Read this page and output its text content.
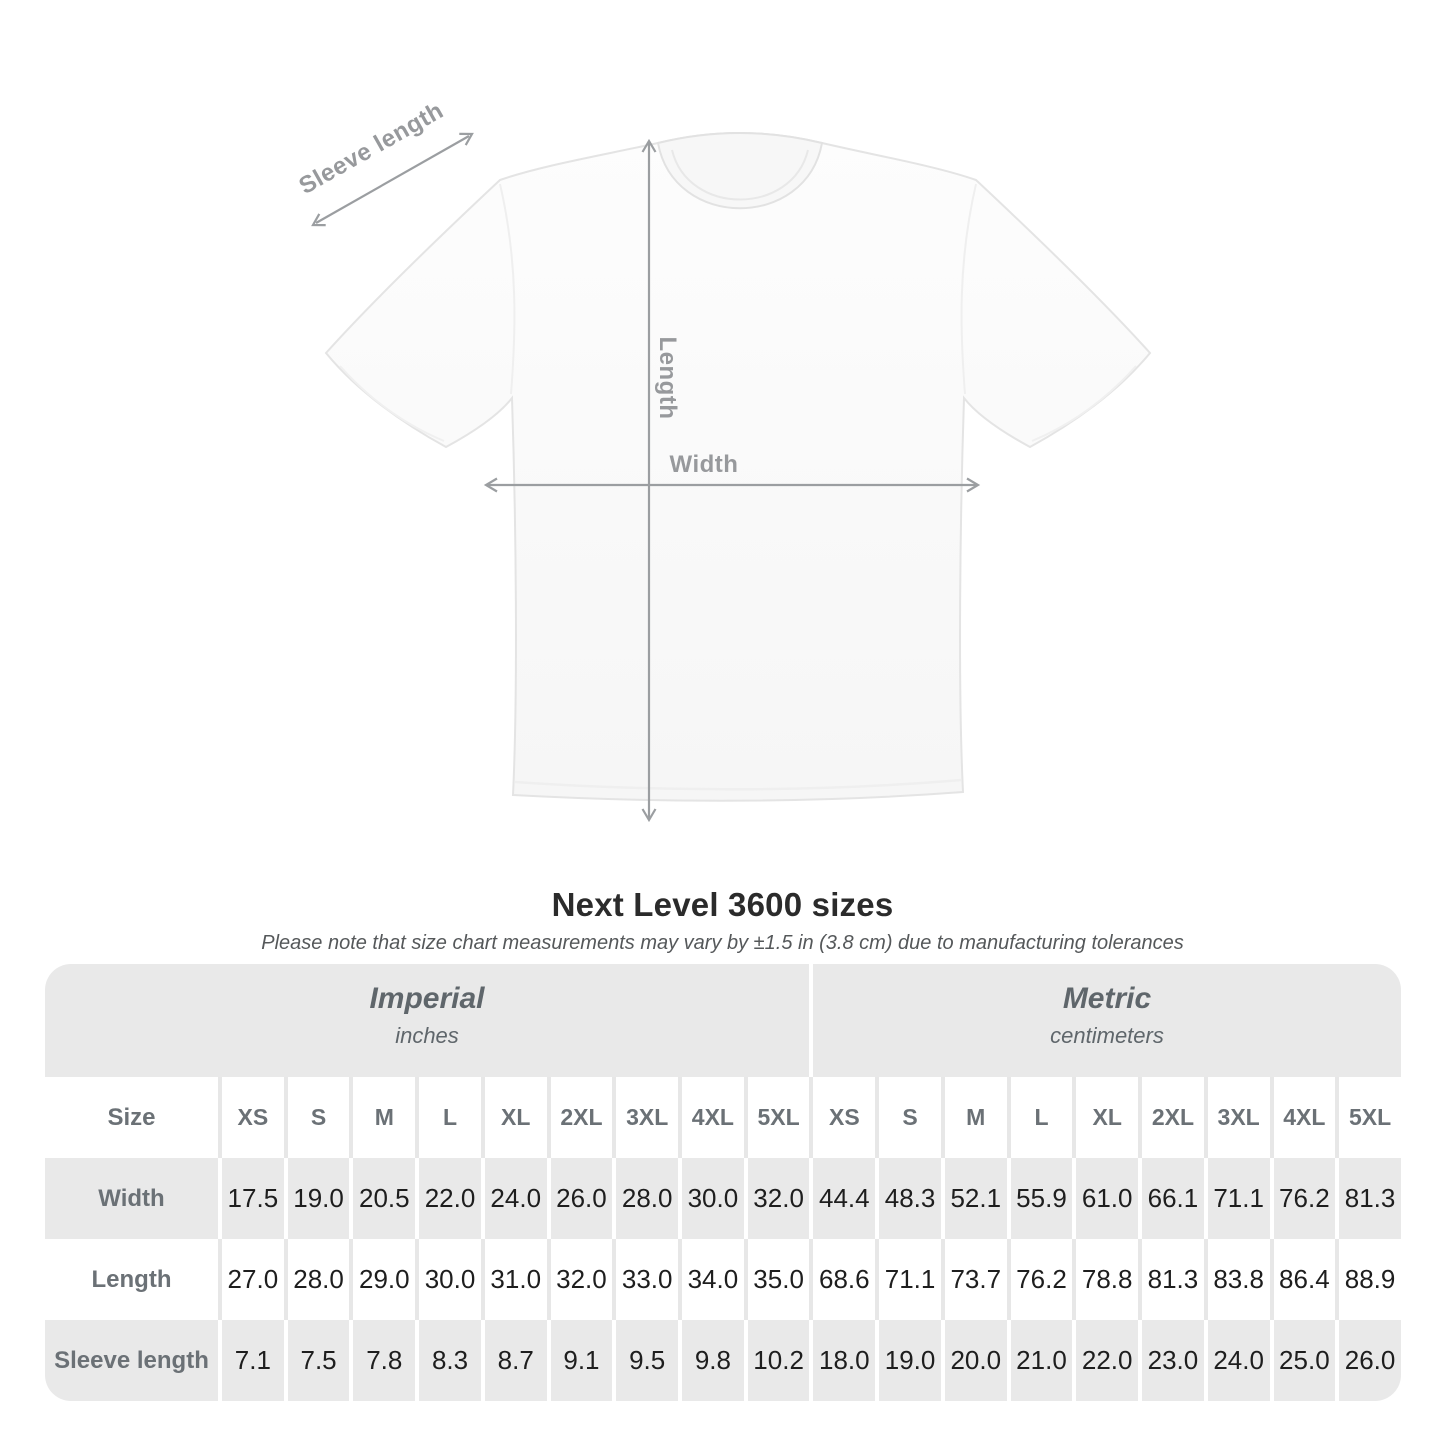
Sleeve length
Length
Width
Next Level 3600 sizes
Please note that size chart measurements may vary by ±1.5 in (3.8 cm) due to manufacturing tolerances
Imperial
inches
Metric
centimeters
Size	XS	S	M	L	XL	2XL	3XL	4XL	5XL	XS	S	M	L	XL	2XL	3XL	4XL	5XL
Width	17.5 19.0 20.5 22.0 24.0 26.0 28.0 30.0 32.0 44.4 48.3 52.1 55.9 61.0 66.1 71.1 76.2 81.3
Length	27.0 28.0 29.0 30.0 31.0 32.0 33.0 34.0 35.0 68.6 71.1 73.7 76.2 78.8 81.3 83.8 86.4 88.9
Sleeve length 7.1	7.5	7.8	8.3	8.7	9.1	9.5	9.8 10.2 18.0 19.0 20.0 21.0 22.0 23.0 24.0 25.0 26.0
